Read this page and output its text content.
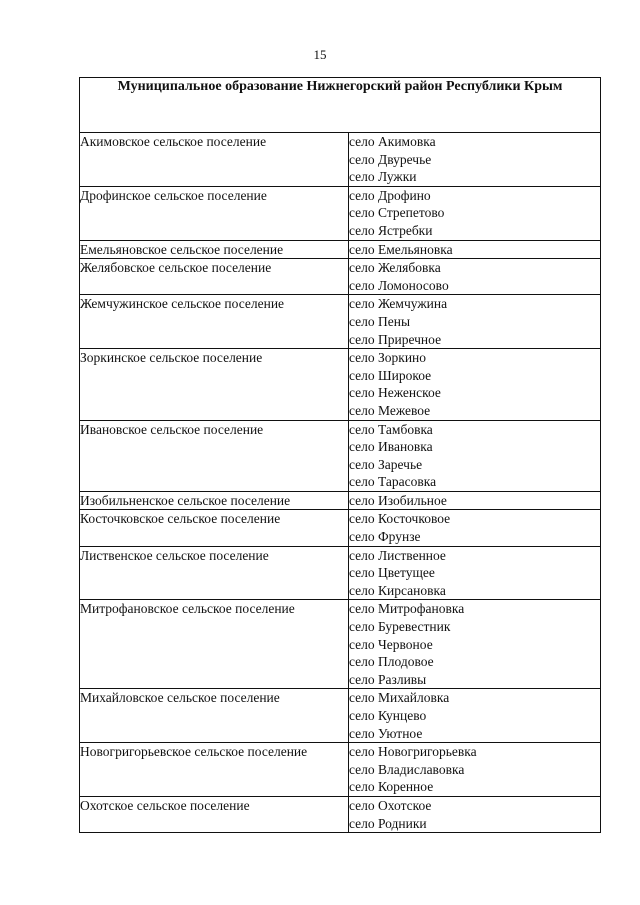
15
Муниципальное образование Нижнегорский район Республики Крым	
Акимовское сельское поселение	село Акимовка
село Двуречье
село Лужки

Дрофинское сельское поселение	село Дрофино
село Стрепетово
село Ястребки

Емельяновское сельское поселение	село Емельяновка

Желябовское сельское поселение	село Желябовка
село Ломоносово

Жемчужинское сельское поселение	село Жемчужина
село Пены
село Приречное

Зоркинское сельское поселение	село Зоркино
село Широкое
село Неженское
село Межевое

Ивановское сельское поселение	село Тамбовка
село Ивановка
село Заречье
село Тарасовка

Изобильненское сельское поселение	село Изобильное

Косточковское сельское поселение	село Косточковое
село Фрунзе

Лиственское сельское поселение	село Лиственное
село Цветущее
село Кирсановка

Митрофановское сельское поселение	село Митрофановка
село Буревестник
село Червоное
село Плодовое
село Разливы

Михайловское сельское поселение	село Михайловка
село Кунцево
село Уютное

Новогригорьевское сельское поселение	село Новогригорьевка
село Владиславовка
село Коренное

Охотское сельское поселение	село Охотское
село Родники
